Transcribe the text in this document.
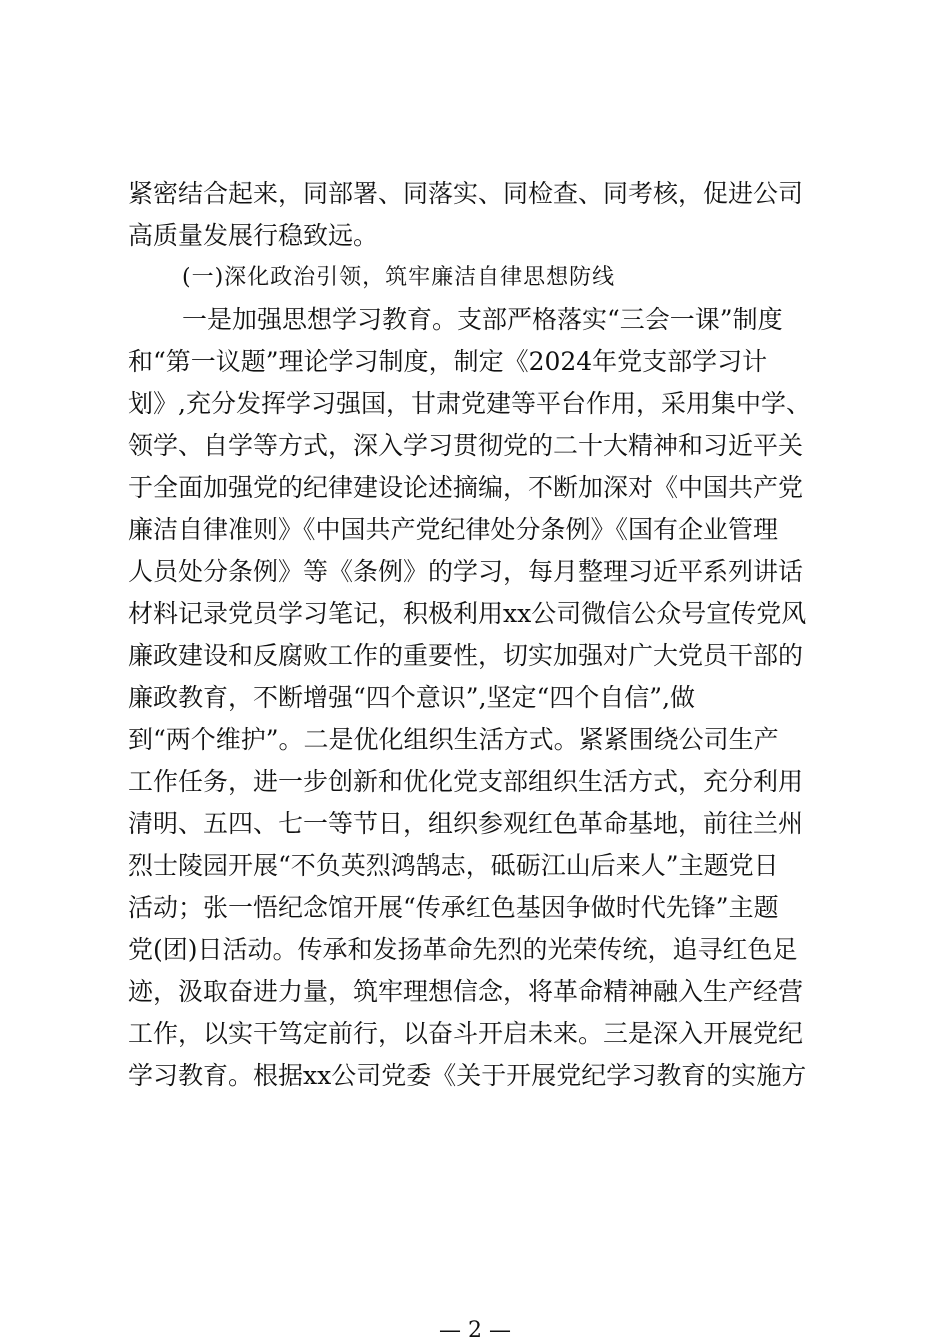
紧密结合起来，同部署、同落实、同检查、同考核，促进公司
高质量发展行稳致远。
(一)深化政治引领，筑牢廉洁自律思想防线
一是加强思想学习教育。支部严格落实“三会一课”制度
和“第一议题”理论学习制度，制定《2024年党支部学习计
划》,充分发挥学习强国，甘肃党建等平台作用，采用集中学、
领学、自学等方式，深入学习贯彻党的二十大精神和习近平关
于全面加强党的纪律建设论述摘编，不断加深对《中国共产党
廉洁自律准则》《中国共产党纪律处分条例》《国有企业管理
人员处分条例》等《条例》的学习，每月整理习近平系列讲话
材料记录党员学习笔记，积极利用xx公司微信公众号宣传党风
廉政建设和反腐败工作的重要性，切实加强对广大党员干部的
廉政教育，不断增强“四个意识”,坚定“四个自信”,做
到“两个维护”。二是优化组织生活方式。紧紧围绕公司生产
工作任务，进一步创新和优化党支部组织生活方式，充分利用
清明、五四、七一等节日，组织参观红色革命基地，前往兰州
烈士陵园开展“不负英烈鸿鹄志，砥砺江山后来人”主题党日
活动；张一悟纪念馆开展“传承红色基因争做时代先锋”主题
党(团)日活动。传承和发扬革命先烈的光荣传统，追寻红色足
迹，汲取奋进力量，筑牢理想信念，将革命精神融入生产经营
工作，以实干笃定前行，以奋斗开启未来。三是深入开展党纪
学习教育。根据xx公司党委《关于开展党纪学习教育的实施方
— 2 —
